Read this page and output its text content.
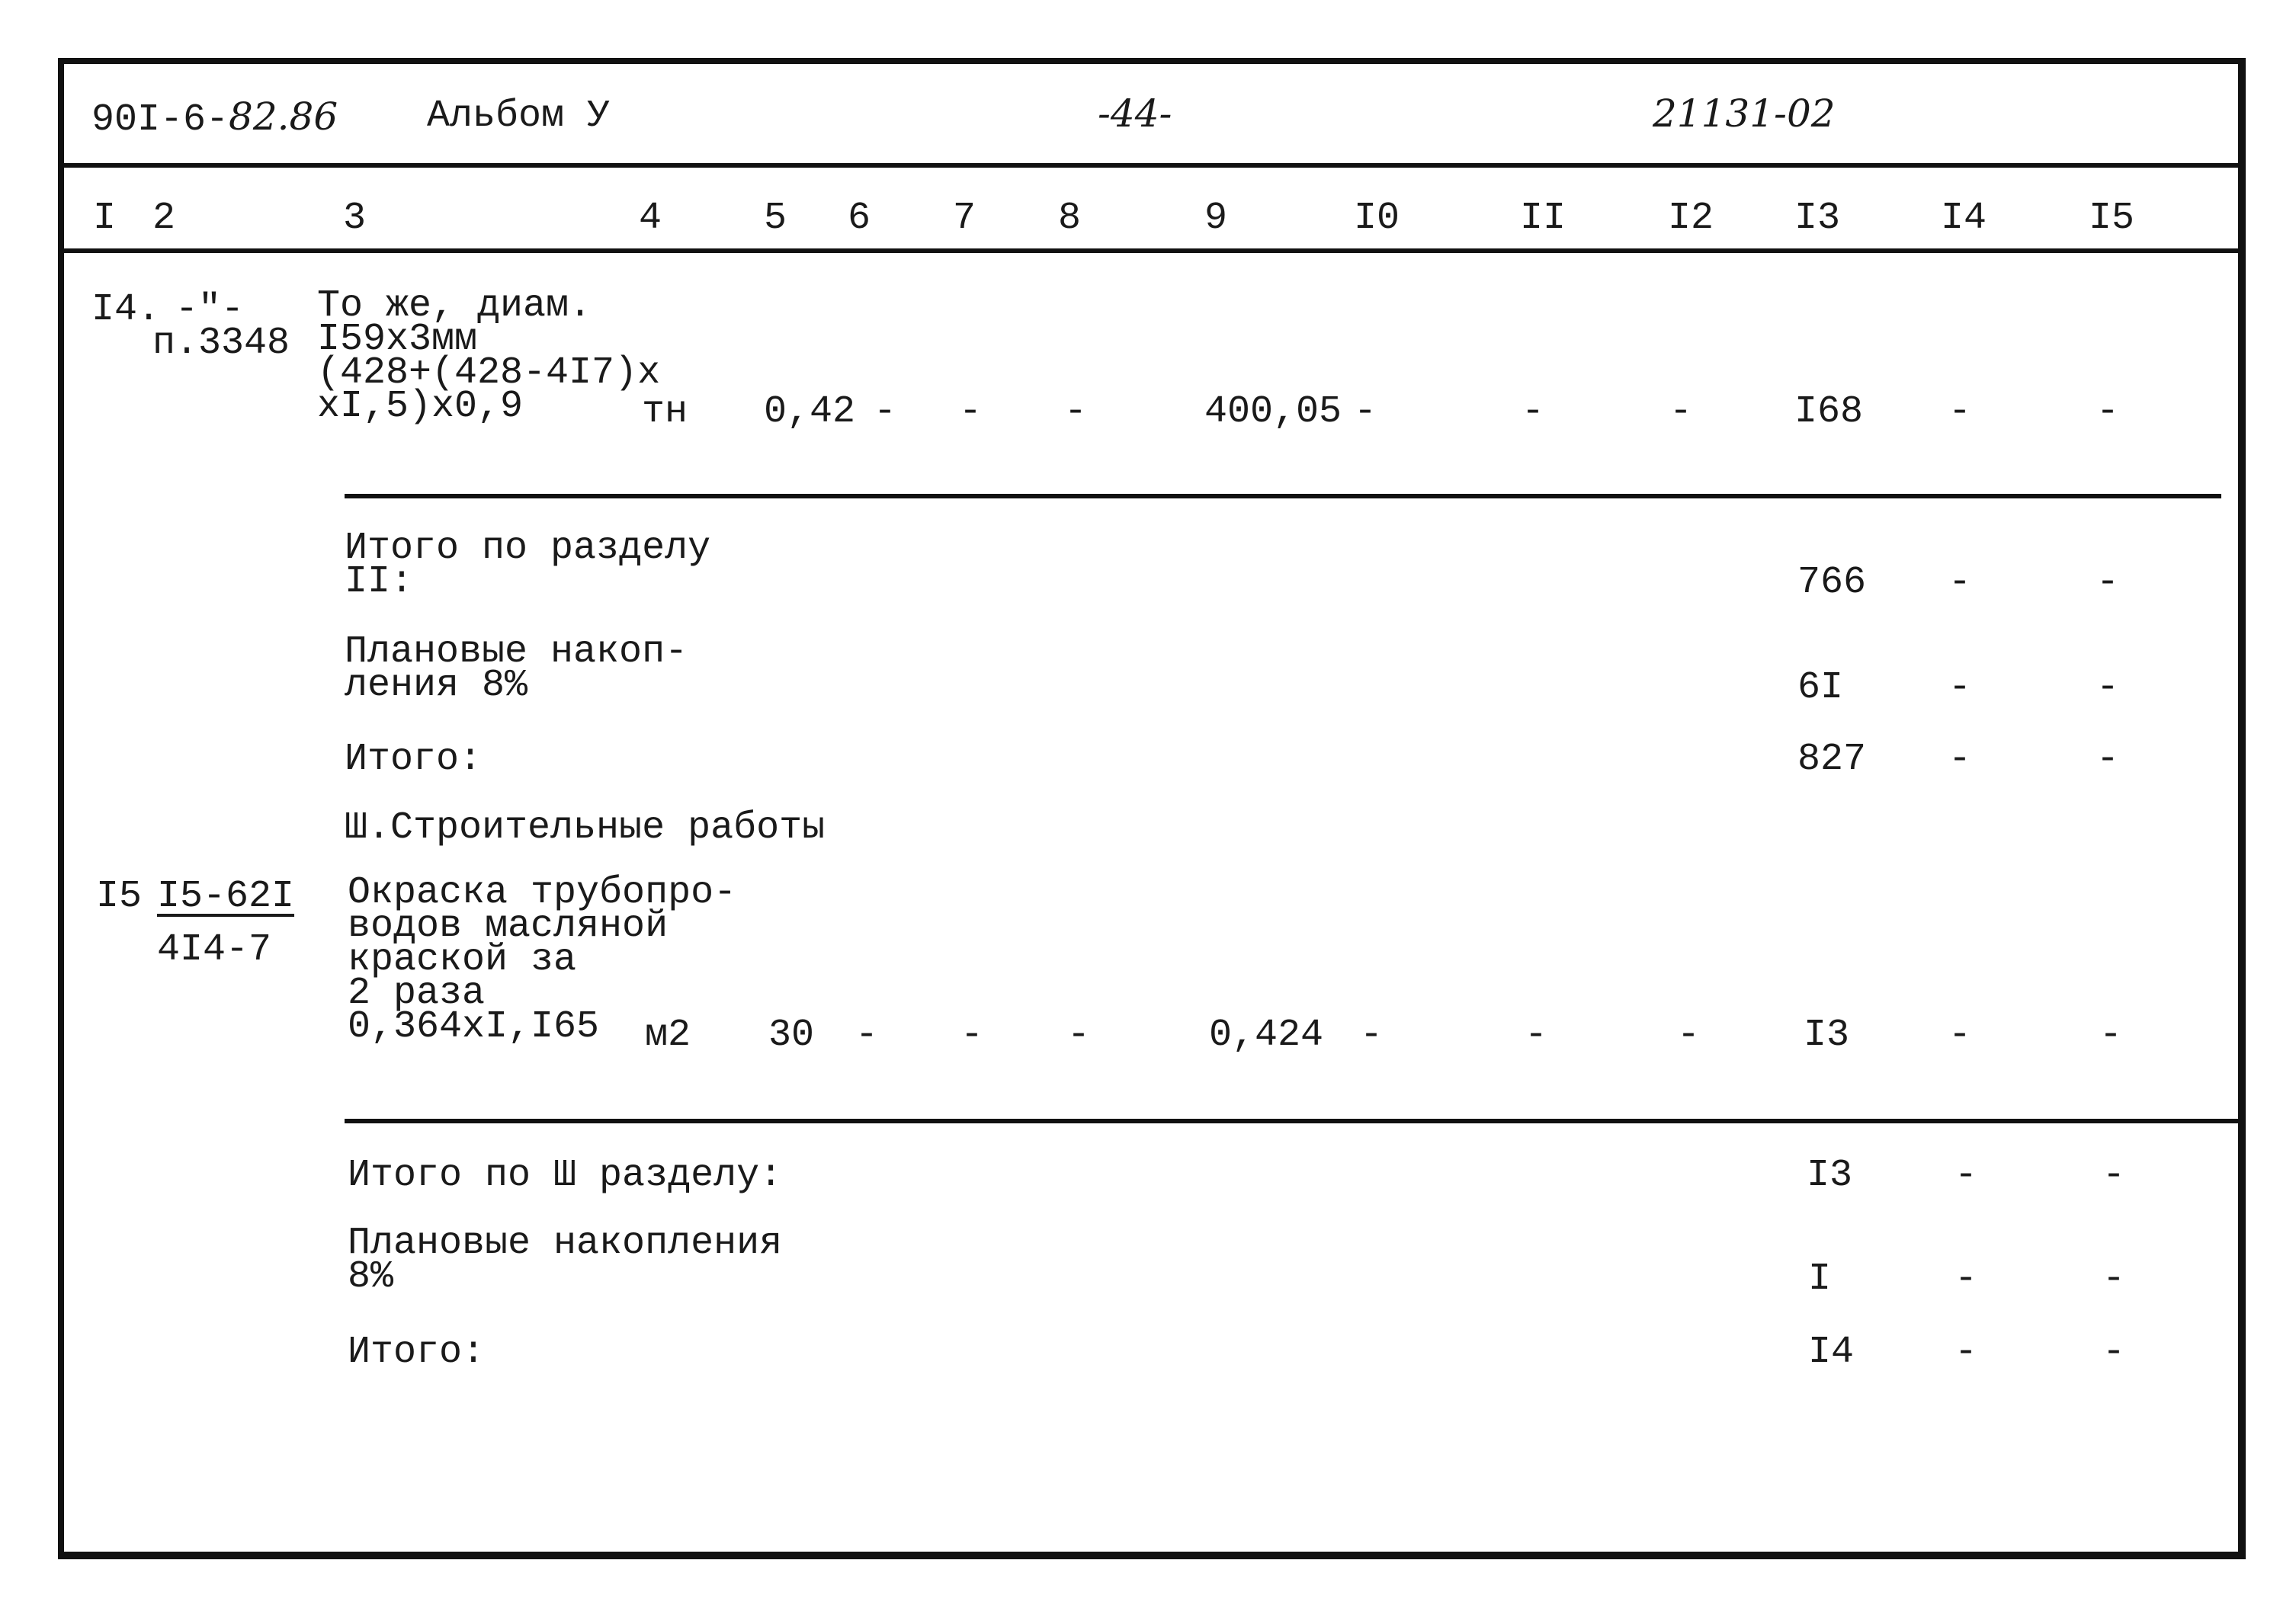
90I-6-82.86 Альбом У	-44-	21131-02
I 2	3	4	5 6 7 8	9	I0	II	I2 I3	I4	I5
I4. -"-
п.3348
То же, диам.
I59x3мм
(428+(428-4I7)x
xI,5)x0,9	тн 0,42 - - -	400,05 -	-	-	I68 -	-
Итого по разделу
II:	766 -	-
Плановые накоп-
ления 8%	6I	-	-
Итого:	827 -	-
Ш.Строительные работы
I5 I5-62I
4I4-7
Окраска трубопро-
водов масляной
краской за
2 раза
0,364xI,I65	м2 30 - - -	0,424 -	-	-	I3	-	-
Итого по Ш разделу:	I3	-	-
Плановые накопления
8%	I	-	-
Итого:	I4	-	-
